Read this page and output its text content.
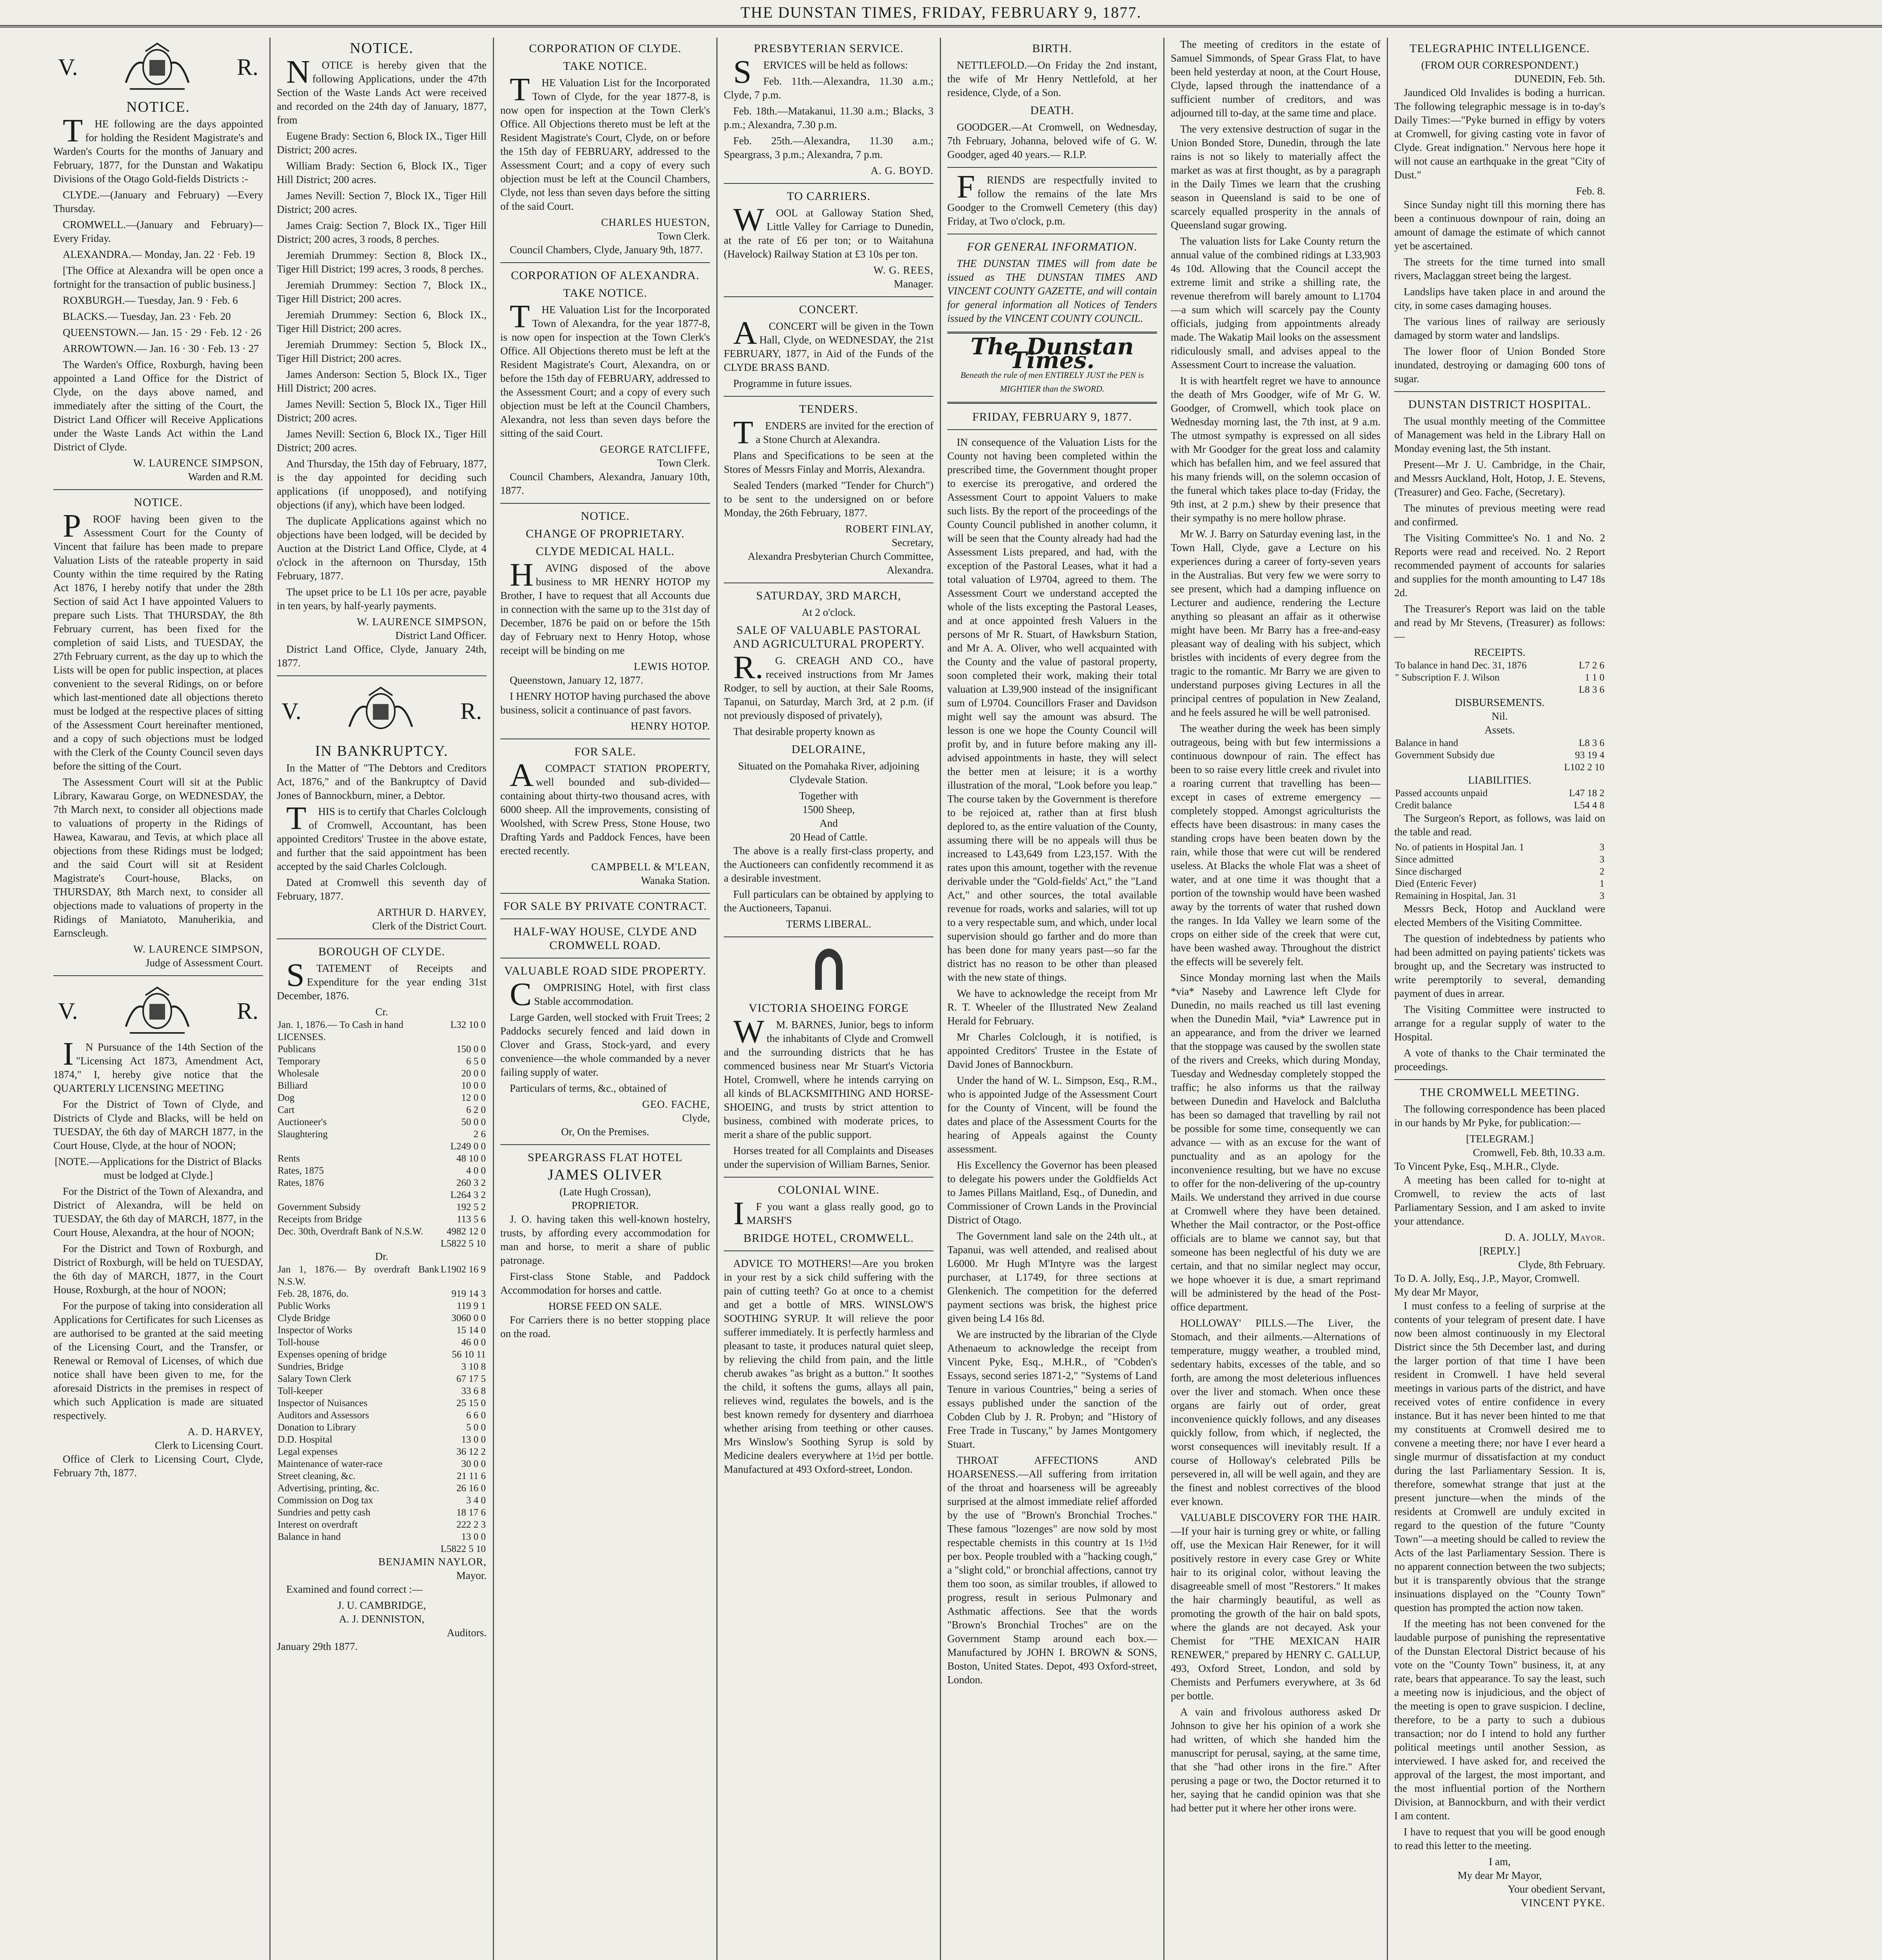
THE DUNSTAN TIMES, FRIDAY, FEBRUARY 9, 1877.
V.	R.
NOTICE.

THE following are the days appointed for holding the Resident Magistrate's and Warden's Courts for the months of January and February, 1877, for the Dunstan and Wakatipu Divisions of the Otago Gold-fields Districts :-

CLYDE.—(January and February) —Every Thursday.

CROMWELL.—(January and February)—Every Friday.

ALEXANDRA.— Monday, Jan. 22 · Feb. 19

[The Office at Alexandra will be open once a fortnight for the transaction of public business.]

ROXBURGH.— Tuesday, Jan. 9 · Feb. 6

BLACKS.— Tuesday, Jan. 23 · Feb. 20

QUEENSTOWN.— Jan. 15 · 29 · Feb. 12 · 26

ARROWTOWN.— Jan. 16 · 30 · Feb. 13 · 27

The Warden's Office, Roxburgh, having been appointed a Land Office for the District of Clyde, on the days above named, and immediately after the sitting of the Court, the District Land Officer will Receive Applications under the Waste Lands Act within the Land District of Clyde.

W. LAURENCE SIMPSON,
Warden and R.M.
NOTICE.

PROOF having been given to the Assessment Court for the County of Vincent that failure has been made to prepare Valuation Lists of the rateable property in said County within the time required by the Rating Act 1876, I hereby notify that under the 28th Section of said Act I have appointed Valuers to prepare such Lists. That THURSDAY, the 8th February current, has been fixed for the completion of said Lists, and TUESDAY, the 27th February current, as the day up to which the Lists will be open for public inspection, at places convenient to the several Ridings, on or before which last-mentioned date all objections thereto must be lodged at the respective places of sitting of the Assessment Court hereinafter mentioned, and a copy of such objections must be lodged with the Clerk of the County Council seven days before the sitting of the Court.

The Assessment Court will sit at the Public Library, Kawarau Gorge, on WEDNESDAY, the 7th March next, to consider all objections made to valuations of property in the Ridings of Hawea, Kawarau, and Tevis, at which place all objections from these Ridings must be lodged; and the said Court will sit at Resident Magistrate's Court-house, Blacks, on THURSDAY, 8th March next, to consider all objections made to valuations of property in the Ridings of Maniatoto, Manuherikia, and Earnscleugh.

W. LAURENCE SIMPSON,
Judge of Assessment Court.
V.	R.

IN Pursuance of the 14th Section of the "Licensing Act 1873, Amendment Act, 1874," I, hereby give notice that the QUARTERLY LICENSING MEETING

For the District of Town of Clyde, and Districts of Clyde and Blacks, will be held on TUESDAY, the 6th day of MARCH 1877, in the Court House, Clyde, at the hour of NOON;

[NOTE.—Applications for the District of Blacks must be lodged at Clyde.]

For the District of the Town of Alexandra, and District of Alexandra, will be held on TUESDAY, the 6th day of MARCH, 1877, in the Court House, Alexandra, at the hour of NOON;

For the District and Town of Roxburgh, and District of Roxburgh, will be held on TUESDAY, the 6th day of MARCH, 1877, in the Court House, Roxburgh, at the hour of NOON;

For the purpose of taking into consideration all Applications for Certificates for such Licenses as are authorised to be granted at the said meeting of the Licensing Court, and the Transfer, or Renewal or Removal of Licenses, of which due notice shall have been given to me, for the aforesaid Districts in the premises in respect of which such Application is made are situated respectively.

A. D. HARVEY,
Clerk to Licensing Court.

Office of Clerk to Licensing Court, Clyde, February 7th, 1877.

NOTICE.

NOTICE is hereby given that the following Applications, under the 47th Section of the Waste Lands Act were received and recorded on the 24th day of January, 1877, from

Eugene Brady: Section 6, Block IX., Tiger Hill District; 200 acres.

William Brady: Section 6, Block IX., Tiger Hill District; 200 acres.

James Nevill: Section 7, Block IX., Tiger Hill District; 200 acres.

James Craig: Section 7, Block IX., Tiger Hill District; 200 acres, 3 roods, 8 perches.

Jeremiah Drummey: Section 8, Block IX., Tiger Hill District; 199 acres, 3 roods, 8 perches.

Jeremiah Drummey: Section 7, Block IX., Tiger Hill District; 200 acres.

Jeremiah Drummey: Section 6, Block IX., Tiger Hill District; 200 acres.

Jeremiah Drummey: Section 5, Block IX., Tiger Hill District; 200 acres.

James Anderson: Section 5, Block IX., Tiger Hill District; 200 acres.

James Nevill: Section 5, Block IX., Tiger Hill District; 200 acres.

James Nevill: Section 6, Block IX., Tiger Hill District; 200 acres.

And Thursday, the 15th day of February, 1877, is the day appointed for deciding such applications (if unopposed), and notifying objections (if any), which have been lodged.

The duplicate Applications against which no objections have been lodged, will be decided by Auction at the District Land Office, Clyde, at 4 o'clock in the afternoon on Thursday, 15th February, 1877.

The upset price to be L1 10s per acre, payable in ten years, by half-yearly payments.

W. LAURENCE SIMPSON,
District Land Officer.

District Land Office, Clyde, January 24th, 1877.

V.	R.
IN BANKRUPTCY.

In the Matter of "The Debtors and Creditors Act, 1876," and of the Bankruptcy of David Jones of Bannockburn, miner, a Debtor.

THIS is to certify that Charles Colclough of Cromwell, Accountant, has been appointed Creditors' Trustee in the above estate, and further that the said appointment has been accepted by the said Charles Colclough.

Dated at Cromwell this seventh day of February, 1877.

ARTHUR D. HARVEY,
Clerk of the District Court.
BOROUGH OF CLYDE.

STATEMENT of Receipts and Expenditure for the year ending 31st December, 1876.

Cr.
Jan. 1, 1876.— To Cash in hand	L32 10 0
LICENSES.	
Publicans	150 0 0
Temporary	6 5 0
Wholesale	20 0 0
Billiard	10 0 0
Dog	12 0 0
Cart	6 2 0
Auctioneer's	50 0 0
Slaughtering	2 6
	L249 0 0
Rents	48 10 0
Rates, 1875	4 0 0
Rates, 1876	260 3 2
	L264 3 2
Government Subsidy	192 5 2
Receipts from Bridge	113 5 6
Dec. 30th, Overdraft Bank of N.S.W.	4982 12 0
	L5822 5 10
Dr.
Jan 1, 1876.— By overdraft Bank N.S.W.	L1902 16 9
Feb. 28, 1876, do.	919 14 3
Public Works	119 9 1
Clyde Bridge	3060 0 0
Inspector of Works	15 14 0
Toll-house	46 0 0
Expenses opening of bridge	56 10 11
Sundries, Bridge	3 10 8
Salary Town Clerk	67 17 5
Toll-keeper	33 6 8
Inspector of Nuisances	25 15 0
Auditors and Assessors	6 6 0
Donation to Library	5 0 0
D.D. Hospital	13 0 0
Legal expenses	36 12 2
Maintenance of water-race	30 0 0
Street cleaning, &c.	21 11 6
Advertising, printing, &c.	26 16 0
Commission on Dog tax	3 4 0
Sundries and petty cash	18 17 6
Interest on overdraft	222 2 3
Balance in hand	13 0 0
	L5822 5 10
BENJAMIN NAYLOR,
Mayor.

Examined and found correct :—

J. U. CAMBRIDGE,
A. J. DENNISTON,
Auditors.
January 29th 1877.
CORPORATION OF CLYDE.
TAKE NOTICE.

THE Valuation List for the Incorporated Town of Clyde, for the year 1877-8, is now open for inspection at the Town Clerk's Office. All Objections thereto must be left at the Resident Magistrate's Court, Clyde, on or before the 15th day of FEBRUARY, addressed to the Assessment Court; and a copy of every such objection must be left at the Council Chambers, Clyde, not less than seven days before the sitting of the said Court.

CHARLES HUESTON,
Town Clerk.

Council Chambers, Clyde, January 9th, 1877.

CORPORATION OF ALEXANDRA.
TAKE NOTICE.

THE Valuation List for the Incorporated Town of Alexandra, for the year 1877-8, is now open for inspection at the Town Clerk's Office. All Objections thereto must be left at the Resident Magistrate's Court, Alexandra, on or before the 15th day of FEBRUARY, addressed to the Assessment Court; and a copy of every such objection must be left at the Council Chambers, Alexandra, not less than seven days before the sitting of the said Court.

GEORGE RATCLIFFE,
Town Clerk.

Council Chambers, Alexandra, January 10th, 1877.

NOTICE.
CHANGE OF PROPRIETARY.
CLYDE MEDICAL HALL.

HAVING disposed of the above business to MR HENRY HOTOP my Brother, I have to request that all Accounts due in connection with the same up to the 31st day of December, 1876 be paid on or before the 15th day of February next to Henry Hotop, whose receipt will be binding on me

LEWIS HOTOP.

Queenstown, January 12, 1877.

I HENRY HOTOP having purchased the above business, solicit a continuance of past favors.

HENRY HOTOP.
FOR SALE.

ACOMPACT STATION PROPERTY, well bounded and sub-divided—containing about thirty-two thousand acres, with 6000 sheep. All the improvements, consisting of Woolshed, with Screw Press, Stone House, two Drafting Yards and Paddock Fences, have been erected recently.

CAMPBELL & M'LEAN,
Wanaka Station.
FOR SALE BY PRIVATE CONTRACT.
HALF-WAY HOUSE, CLYDE AND CROMWELL ROAD.
VALUABLE ROAD SIDE PROPERTY.

COMPRISING Hotel, with first class Stable accommodation.

Large Garden, well stocked with Fruit Trees; 2 Paddocks securely fenced and laid down in Clover and Grass, Stock-yard, and every convenience—the whole commanded by a never failing supply of water.

Particulars of terms, &c., obtained of

GEO. FACHE,
Clyde,
Or, On the Premises.
SPEARGRASS FLAT HOTEL
JAMES OLIVER
(Late Hugh Crossan),
PROPRIETOR.

J. O. having taken this well-known hostelry, trusts, by affording every accommodation for man and horse, to merit a share of public patronage.

First-class Stone Stable, and Paddock Accommodation for horses and cattle.

HORSE FEED ON SALE.

For Carriers there is no better stopping place on the road.

PRESBYTERIAN SERVICE.

SERVICES will be held as follows:

Feb. 11th.—Alexandra, 11.30 a.m.; Clyde, 7 p.m.

Feb. 18th.—Matakanui, 11.30 a.m.; Blacks, 3 p.m.; Alexandra, 7.30 p.m.

Feb. 25th.—Alexandra, 11.30 a.m.; Speargrass, 3 p.m.; Alexandra, 7 p.m.

A. G. BOYD.
TO CARRIERS.

WOOL at Galloway Station Shed, Little Valley for Carriage to Dunedin, at the rate of £6 per ton; or to Waitahuna (Havelock) Railway Station at £3 10s per ton.

W. G. REES,
Manager.
CONCERT.

ACONCERT will be given in the Town Hall, Clyde, on WEDNESDAY, the 21st FEBRUARY, 1877, in Aid of the Funds of the CLYDE BRASS BAND.

Programme in future issues.

TENDERS.

TENDERS are invited for the erection of a Stone Church at Alexandra.

Plans and Specifications to be seen at the Stores of Messrs Finlay and Morris, Alexandra.

Sealed Tenders (marked "Tender for Church") to be sent to the undersigned on or before Monday, the 26th February, 1877.

ROBERT FINLAY,
Secretary,

Alexandra Presbyterian Church Committee, Alexandra.

SATURDAY, 3RD MARCH,
At 2 o'clock.
SALE OF VALUABLE PASTORAL AND AGRICULTURAL PROPERTY.

R.G. CREAGH AND CO., have received instructions from Mr James Rodger, to sell by auction, at their Sale Rooms, Tapanui, on Saturday, March 3rd, at 2 p.m. (if not previously disposed of privately),

That desirable property known as

DELORAINE,

Situated on the Pomahaka River, adjoining Clydevale Station.

Together with
1500 Sheep,
And
20 Head of Cattle.

The above is a really first-class property, and the Auctioneers can confidently recommend it as a desirable investment.

Full particulars can be obtained by applying to the Auctioneers, Tapanui.

TERMS LIBERAL.
VICTORIA SHOEING FORGE

WM. BARNES, Junior, begs to inform the inhabitants of Clyde and Cromwell and the surrounding districts that he has commenced business near Mr Stuart's Victoria Hotel, Cromwell, where he intends carrying on all kinds of BLACKSMITHING AND HORSE-SHOEING, and trusts by strict attention to business, combined with moderate prices, to merit a share of the public support.

Horses treated for all Complaints and Diseases under the supervision of William Barnes, Senior.

COLONIAL WINE.

IF you want a glass really good, go to MARSH'S

BRIDGE HOTEL, CROMWELL.

ADVICE TO MOTHERS!—Are you broken in your rest by a sick child suffering with the pain of cutting teeth? Go at once to a chemist and get a bottle of MRS. WINSLOW'S SOOTHING SYRUP. It will relieve the poor sufferer immediately. It is perfectly harmless and pleasant to taste, it produces natural quiet sleep, by relieving the child from pain, and the little cherub awakes "as bright as a button." It soothes the child, it softens the gums, allays all pain, relieves wind, regulates the bowels, and is the best known remedy for dysentery and diarrhoea whether arising from teething or other causes. Mrs Winslow's Soothing Syrup is sold by Medicine dealers everywhere at 1½d per bottle. Manufactured at 493 Oxford-street, London.

BIRTH.

NETTLEFOLD.—On Friday the 2nd instant, the wife of Mr Henry Nettlefold, at her residence, Clyde, of a Son.

DEATH.

GOODGER.—At Cromwell, on Wednesday, 7th February, Johanna, beloved wife of G. W. Goodger, aged 40 years.— R.I.P.

FRIENDS are respectfully invited to follow the remains of the late Mrs Goodger to the Cromwell Cemetery (this day) Friday, at Two o'clock, p.m.

FOR GENERAL INFORMATION.

THE DUNSTAN TIMES will from date be issued as THE DUNSTAN TIMES AND VINCENT COUNTY GAZETTE, and will contain for general information all Notices of Tenders issued by the VINCENT COUNTY COUNCIL.

The Dunstan Times.
Beneath the rule of men ENTIRELY JUST the PEN is MIGHTIER than the SWORD.
FRIDAY, FEBRUARY 9, 1877.

IN consequence of the Valuation Lists for the County not having been completed within the prescribed time, the Government thought proper to exercise its prerogative, and ordered the Assessment Court to appoint Valuers to make such lists. By the report of the proceedings of the County Council published in another column, it will be seen that the County already had had the Assessment Lists prepared, and had, with the exception of the Pastoral Leases, what it had a total valuation of L9704, agreed to them. The Assessment Court we understand accepted the whole of the lists excepting the Pastoral Leases, and at once appointed fresh Valuers in the persons of Mr R. Stuart, of Hawksburn Station, and Mr A. A. Oliver, who well acquainted with the County and the value of pastoral property, soon completed their work, making their total valuation at L39,900 instead of the insignificant sum of L9704. Councillors Fraser and Davidson might well say the amount was absurd. The lesson is one we hope the County Council will profit by, and in future before making any ill-advised appointments in haste, they will select the better men at leisure; it is a worthy illustration of the moral, "Look before you leap." The course taken by the Government is therefore to be rejoiced at, rather than at first blush deplored to, as the entire valuation of the County, assuming there will be no appeals will thus be increased to L43,649 from L23,157. With the rates upon this amount, together with the revenue derivable under the "Gold-fields' Act," the "Land Act," and other sources, the total available revenue for roads, works and salaries, will tot up to a very respectable sum, and which, under local supervision should go farther and do more than has been done for many years past—so far the district has no reason to be other than pleased with the new state of things.

We have to acknowledge the receipt from Mr R. T. Wheeler of the Illustrated New Zealand Herald for February.

Mr Charles Colclough, it is notified, is appointed Creditors' Trustee in the Estate of David Jones of Bannockburn.

Under the hand of W. L. Simpson, Esq., R.M., who is appointed Judge of the Assessment Court for the County of Vincent, will be found the dates and place of the Assessment Courts for the hearing of Appeals against the County assessment.

His Excellency the Governor has been pleased to delegate his powers under the Goldfields Act to James Pillans Maitland, Esq., of Dunedin, and Commissioner of Crown Lands in the Provincial District of Otago.

The Government land sale on the 24th ult., at Tapanui, was well attended, and realised about L6000. Mr Hugh M'Intyre was the largest purchaser, at L1749, for three sections at Glenkenich. The competition for the deferred payment sections was brisk, the highest price given being L4 16s 8d.

We are instructed by the librarian of the Clyde Athenaeum to acknowledge the receipt from Vincent Pyke, Esq., M.H.R., of "Cobden's Essays, second series 1871-2," "Systems of Land Tenure in various Countries," being a series of essays published under the sanction of the Cobden Club by J. R. Probyn; and "History of Free Trade in Tuscany," by James Montgomery Stuart.

THROAT AFFECTIONS AND HOARSENESS.—All suffering from irritation of the throat and hoarseness will be agreeably surprised at the almost immediate relief afforded by the use of "Brown's Bronchial Troches." These famous "lozenges" are now sold by most respectable chemists in this country at 1s 1½d per box. People troubled with a "hacking cough," a "slight cold," or bronchial affections, cannot try them too soon, as similar troubles, if allowed to progress, result in serious Pulmonary and Asthmatic affections. See that the words "Brown's Bronchial Troches" are on the Government Stamp around each box.—Manufactured by JOHN I. BROWN & SONS, Boston, United States. Depot, 493 Oxford-street, London.

The meeting of creditors in the estate of Samuel Simmonds, of Spear Grass Flat, to have been held yesterday at noon, at the Court House, Clyde, lapsed through the inattendance of a sufficient number of creditors, and was adjourned till to-day, at the same time and place.

The very extensive destruction of sugar in the Union Bonded Store, Dunedin, through the late rains is not so likely to materially affect the market as was at first thought, as by a paragraph in the Daily Times we learn that the crushing season in Queensland is said to be one of scarcely equalled prosperity in the annals of Queensland sugar growing.

The valuation lists for Lake County return the annual value of the combined ridings at L33,903 4s 10d. Allowing that the Council accept the extreme limit and strike a shilling rate, the revenue therefrom will barely amount to L1704—a sum which will scarcely pay the County officials, judging from appointments already made. The Wakatip Mail looks on the assessment ridiculously small, and advises appeal to the Assessment Court to increase the valuation.

It is with heartfelt regret we have to announce the death of Mrs Goodger, wife of Mr G. W. Goodger, of Cromwell, which took place on Wednesday morning last, the 7th inst, at 9 a.m. The utmost sympathy is expressed on all sides with Mr Goodger for the great loss and calamity which has befallen him, and we feel assured that his many friends will, on the solemn occasion of the funeral which takes place to-day (Friday, the 9th inst, at 2 p.m.) shew by their presence that their sympathy is no mere hollow phrase.

Mr W. J. Barry on Saturday evening last, in the Town Hall, Clyde, gave a Lecture on his experiences during a career of forty-seven years in the Australias. But very few we were sorry to see present, which had a damping influence on Lecturer and audience, rendering the Lecture anything so pleasant an affair as it otherwise might have been. Mr Barry has a free-and-easy pleasant way of dealing with his subject, which bristles with incidents of every degree from the tragic to the romantic. Mr Barry we are given to understand purposes giving Lectures in all the principal centres of population in New Zealand, and he feels assured he will be well patronised.

The weather during the week has been simply outrageous, being with but few intermissions a continuous downpour of rain. The effect has been to so raise every little creek and rivulet into a roaring current that travelling has been—except in cases of extreme emergency — completely stopped. Amongst agriculturists the effects have been disastrous: in many cases the standing crops have been beaten down by the rain, while those that were cut will be rendered useless. At Blacks the whole Flat was a sheet of water, and at one time it was thought that a portion of the township would have been washed away by the torrents of water that rushed down the ranges. In Ida Valley we learn some of the crops on either side of the creek that were cut, have been washed away. Throughout the district the effects will be severely felt.

Since Monday morning last when the Mails *via* Naseby and Lawrence left Clyde for Dunedin, no mails reached us till last evening when the Dunedin Mail, *via* Lawrence put in an appearance, and from the driver we learned that the stoppage was caused by the swollen state of the rivers and Creeks, which during Monday, Tuesday and Wednesday completely stopped the traffic; he also informs us that the railway between Dunedin and Havelock and Balclutha has been so damaged that travelling by rail not be possible for some time, consequently we can advance — with as an excuse for the want of punctuality and as an apology for the inconvenience resulting, but we have no excuse to offer for the non-delivering of the up-country Mails. We understand they arrived in due course at Cromwell where they have been detained. Whether the Mail contractor, or the Post-office officials are to blame we cannot say, but that someone has been neglectful of his duty we are certain, and that no similar neglect may occur, we hope whoever it is due, a smart reprimand will be administered by the head of the Post-office department.

HOLLOWAY' PILLS.—The Liver, the Stomach, and their ailments.—Alternations of temperature, muggy weather, a troubled mind, sedentary habits, excesses of the table, and so forth, are among the most deleterious influences over the liver and stomach. When once these organs are fairly out of order, great inconvenience quickly follows, and any diseases quickly follow, from which, if neglected, the worst consequences will inevitably result. If a course of Holloway's celebrated Pills be persevered in, all will be well again, and they are the finest and noblest correctives of the blood ever known.

VALUABLE DISCOVERY FOR THE HAIR.—If your hair is turning grey or white, or falling off, use the Mexican Hair Renewer, for it will positively restore in every case Grey or White hair to its original color, without leaving the disagreeable smell of most "Restorers." It makes the hair charmingly beautiful, as well as promoting the growth of the hair on bald spots, where the glands are not decayed. Ask your Chemist for "THE MEXICAN HAIR RENEWER," prepared by HENRY C. GALLUP, 493, Oxford Street, London, and sold by Chemists and Perfumers everywhere, at 3s 6d per bottle.

A vain and frivolous authoress asked Dr Johnson to give her his opinion of a work she had written, of which she handed him the manuscript for perusal, saying, at the same time, that she "had other irons in the fire." After perusing a page or two, the Doctor returned it to her, saying that he candid opinion was that she had better put it where her other irons were.

TELEGRAPHIC INTELLIGENCE.
(FROM OUR CORRESPONDENT.)
DUNEDIN, Feb. 5th.

Jaundiced Old Invalides is boding a hurrican. The following telegraphic message is in to-day's Daily Times:—"Pyke burned in effigy by voters at Cromwell, for giving casting vote in favor of Clyde. Great indignation." Nervous here hope it will not cause an earthquake in the great "City of Dust."

Feb. 8.

Since Sunday night till this morning there has been a continuous downpour of rain, doing an amount of damage the estimate of which cannot yet be ascertained.

The streets for the time turned into small rivers, Maclaggan street being the largest.

Landslips have taken place in and around the city, in some cases damaging houses.

The various lines of railway are seriously damaged by storm water and landslips.

The lower floor of Union Bonded Store inundated, destroying or damaging 600 tons of sugar.

DUNSTAN DISTRICT HOSPITAL.

The usual monthly meeting of the Committee of Management was held in the Library Hall on Monday evening last, the 5th instant.

Present—Mr J. U. Cambridge, in the Chair, and Messrs Auckland, Holt, Hotop, J. E. Stevens, (Treasurer) and Geo. Fache, (Secretary).

The minutes of previous meeting were read and confirmed.

The Visiting Committee's No. 1 and No. 2 Reports were read and received. No. 2 Report recommended payment of accounts for salaries and supplies for the month amounting to L47 18s 2d.

The Treasurer's Report was laid on the table and read by Mr Stevens, (Treasurer) as follows:—

RECEIPTS.
To balance in hand Dec. 31, 1876	L7 2 6
" Subscription F. J. Wilson	1 1 0
	L8 3 6
DISBURSEMENTS.
Nil.
Assets.
Balance in hand	L8 3 6
Government Subsidy due	93 19 4
	L102 2 10
LIABILITIES.
Passed accounts unpaid	L47 18 2
Credit balance	L54 4 8

The Surgeon's Report, as follows, was laid on the table and read.

No. of patients in Hospital Jan. 1	3
Since admitted	3
Since discharged	2
Died (Enteric Fever)	1
Remaining in Hospital, Jan. 31	3

Messrs Beck, Hotop and Auckland were elected Members of the Visiting Committee.

The question of indebtedness by patients who had been admitted on paying patients' tickets was brought up, and the Secretary was instructed to write peremptorily to several, demanding payment of dues in arrear.

The Visiting Committee were instructed to arrange for a regular supply of water to the Hospital.

A vote of thanks to the Chair terminated the proceedings.

THE CROMWELL MEETING.

The following correspondence has been placed in our hands by Mr Pyke, for publication:—

[TELEGRAM.]
Cromwell, Feb. 8th, 10.33 a.m.
To Vincent Pyke, Esq., M.H.R., Clyde.

A meeting has been called for to-night at Cromwell, to review the acts of last Parliamentary Session, and I am asked to invite your attendance.

D. A. JOLLY, Mayor.
[REPLY.]
Clyde, 8th February.
To D. A. Jolly, Esq., J.P., Mayor, Cromwell.
My dear Mr Mayor,

I must confess to a feeling of surprise at the contents of your telegram of present date. I have now been almost continuously in my Electoral District since the 5th December last, and during the larger portion of that time I have been resident in Cromwell. I have held several meetings in various parts of the district, and have received votes of entire confidence in every instance. But it has never been hinted to me that my constituents at Cromwell desired me to convene a meeting there; nor have I ever heard a single murmur of dissatisfaction at my conduct during the last Parliamentary Session. It is, therefore, somewhat strange that just at the present juncture—when the minds of the residents at Cromwell are unduly excited in regard to the question of the future "County Town"—a meeting should be called to review the Acts of the last Parliamentary Session. There is no apparent connection between the two subjects; but it is transparently obvious that the strange insinuations displayed on the "County Town" question has prompted the action now taken.

If the meeting has not been convened for the laudable purpose of punishing the representative of the Dunstan Electoral District because of his vote on the "County Town" business, it, at any rate, bears that appearance. To say the least, such a meeting now is injudicious, and the object of the meeting is open to grave suspicion. I decline, therefore, to be a party to such a dubious transaction; nor do I intend to hold any further political meetings until another Session, as interviewed. I have asked for, and received the approval of the largest, the most important, and the most influential portion of the Northern Division, at Bannockburn, and with their verdict I am content.

I have to request that you will be good enough to read this letter to the meeting.

I am,
My dear Mr Mayor,
Your obedient Servant,
VINCENT PYKE.
